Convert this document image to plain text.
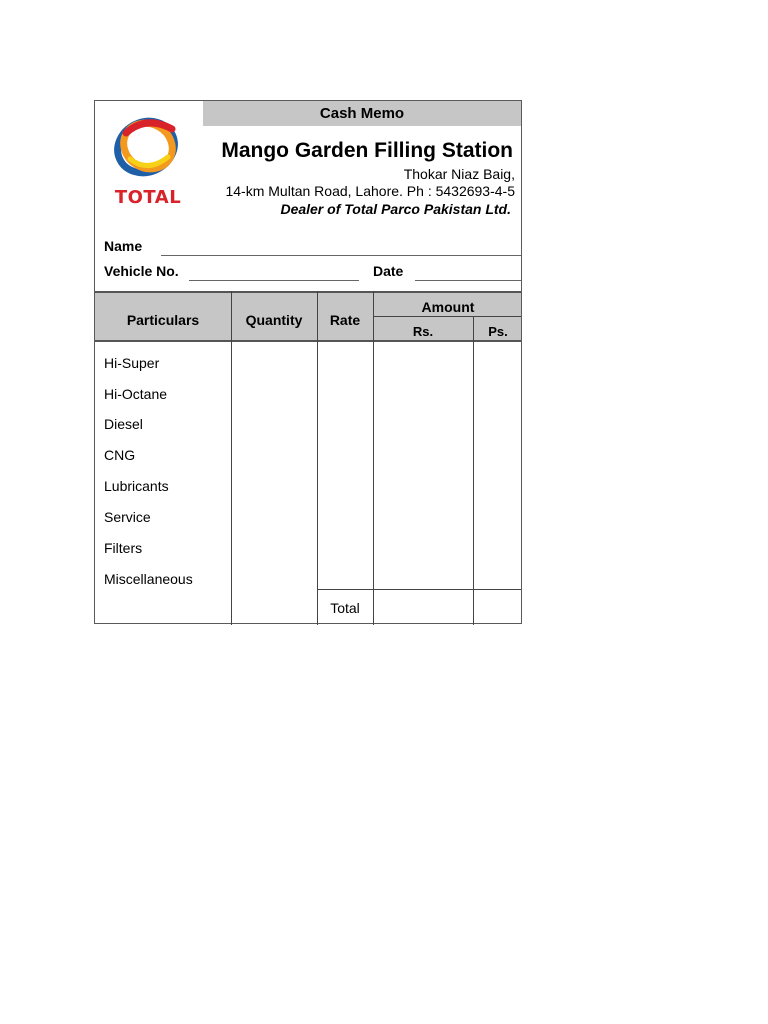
Cash Memo
TOTAL
Mango Garden Filling Station
Thokar Niaz Baig,
14-km Multan Road, Lahore. Ph : 5432693-4-5
Dealer of Total Parco Pakistan Ltd.
Name
Vehicle No.	Date
Particulars	Quantity	Rate
Amount
Rs.	Ps.
Hi-Super
Hi-Octane
Diesel
CNG
Lubricants
Service
Filters
Miscellaneous
Total
